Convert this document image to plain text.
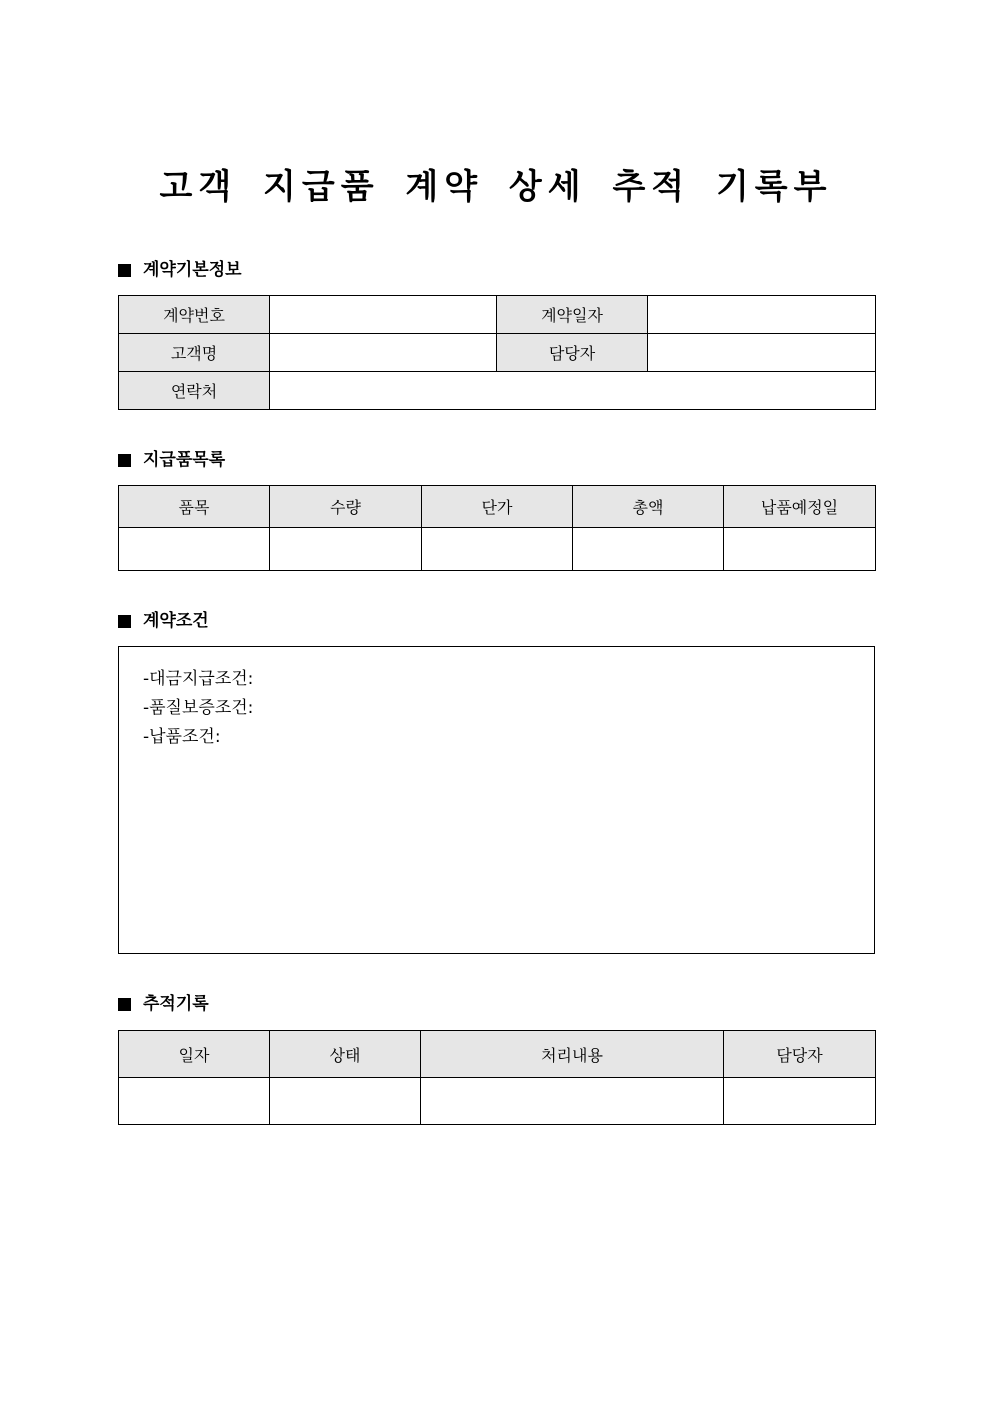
고객 지급품 계약 상세 추적 기록부
계약기본정보
계약번호		계약일자	
고객명		담당자	
연락처			
지급품목록
품목	수량	단가	총액	납품예정일

계약조건
-대금지급조건:
-품질보증조건:
-납품조건:
추적기록
일자	상태	처리내용	담당자
